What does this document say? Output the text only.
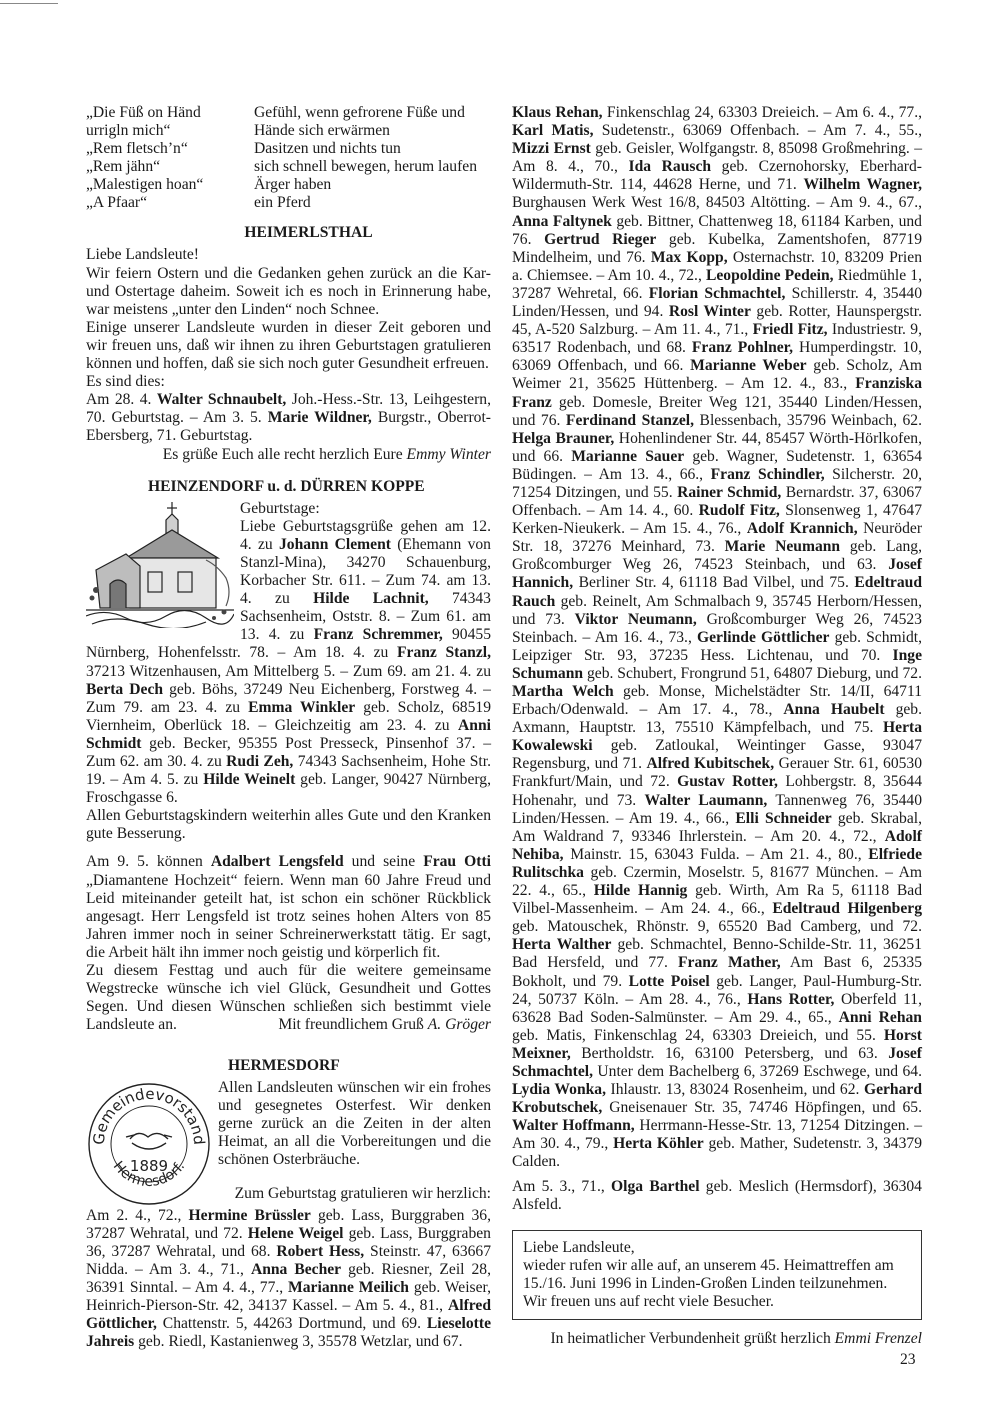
„Die Füß on Händ urrigln mich“
„Rem fletsch’n“
„Rem jähn“
„Malestigen hoan“
„A Pfaar“
Gefühl, wenn gefrorene Füße und Hände sich erwärmen
Dasitzen und nichts tun
sich schnell bewegen, herum laufen
Ärger haben
ein Pferd
HEIMERLSTHAL

Liebe Landsleute!

Wir feiern Ostern und die Gedanken gehen zurück an die Kar- und Ostertage daheim. Soweit ich es noch in Erinnerung habe, war meistens „unter den Linden“ noch Schnee.

Einige unserer Landsleute wurden in dieser Zeit geboren und wir freuen uns, daß wir ihnen zu ihren Geburtstagen gratulieren können und hoffen, daß sie sich noch guter Gesundheit erfreuen.

Es sind dies:

Am 28. 4. Walter Schnaubelt, Joh.-Hess.-Str. 13, Leihgestern, 70. Geburtstag. – Am 3. 5. Marie Wildner, Burgstr., Oberrot-Ebersberg, 71. Geburtstag.

Es grüße Euch alle recht herzlich Eure Emmy Winter

HEINZENDORF u. d. DÜRREN KOPPE

Geburtstage:

Liebe Geburtstagsgrüße gehen am 12. 4. zu Johann Clement (Ehemann von Stanzl-Mina), 34270 Schauenburg, Korbacher Str. 611. – Zum 74. am 13. 4. zu Hilde Lachnit, 74343 Sachsenheim, Oststr. 8. – Zum 61. am 13. 4. zu Franz Schremmer, 90455 Nürnberg, Hohenfelsstr. 78. – Am 18. 4. zu Franz Stanzl, 37213 Witzenhausen, Am Mittelberg 5. – Zum 69. am 21. 4. zu Berta Dech geb. Böhs, 37249 Neu Eichenberg, Forstweg 4. – Zum 79. am 23. 4. zu Emma Winkler geb. Scholz, 68519 Viernheim, Oberlück 18. – Gleichzeitig am 23. 4. zu Anni Schmidt geb. Becker, 95355 Post Presseck, Pinsenhof 37. – Zum 62. am 30. 4. zu Rudi Zeh, 74343 Sachsenheim, Hohe Str. 19. – Am 4. 5. zu Hilde Weinelt geb. Langer, 90427 Nürnberg, Froschgasse 6.

Allen Geburtstagskindern weiterhin alles Gute und den Kranken gute Besserung.

Am 9. 5. können Adalbert Lengsfeld und seine Frau Otti „Diamantene Hochzeit“ feiern. Wenn man 60 Jahre Freud und Leid miteinander geteilt hat, ist schon ein schöner Rückblick angesagt. Herr Lengsfeld ist trotz seines hohen Alters von 85 Jahren immer noch in seiner Schreinerwerkstatt tätig. Er sagt, die Arbeit hält ihn immer noch geistig und körperlich fit.

Zu diesem Festtag und auch für die weitere gemeinsame Wegstrecke wünsche ich viel Glück, Gesundheit und Gottes Segen. Und diesen Wünschen schließen sich bestimmt viele Landsleute an.	Mit freundlichem Gruß A. Gröger

HERMESDORF
Gemeindevorstand
Hermesdorf.
1889

Allen Landsleuten wünschen wir ein frohes und gesegnetes Osterfest. Wir denken gerne zurück an die Zeiten in der alten Heimat, an all die Vorbereitungen und die schönen Osterbräuche.

Zum Geburtstag gratulieren wir herzlich:

Am 2. 4., 72., Hermine Brüssler geb. Lass, Burggraben 36, 37287 Wehratal, und 72. Helene Weigel geb. Lass, Burggraben 36, 37287 Wehratal, und 68. Robert Hess, Steinstr. 47, 63667 Nidda. – Am 3. 4., 71., Anna Becher geb. Riesner, Zeil 28, 36391 Sinntal. – Am 4. 4., 77., Marianne Meilich geb. Weiser, Heinrich-Pierson-Str. 42, 34137 Kassel. – Am 5. 4., 81., Alfred Göttlicher, Chattenstr. 5, 44263 Dortmund, und 69. Lieselotte Jahreis geb. Riedl, Kastanienweg 3, 35578 Wetzlar, und 67.

Klaus Rehan, Finkenschlag 24, 63303 Dreieich. – Am 6. 4., 77., Karl Matis, Sudetenstr., 63069 Offenbach. – Am 7. 4., 55., Mizzi Ernst geb. Geisler, Wolfgangstr. 8, 85098 Großmehring. – Am 8. 4., 70., Ida Rausch geb. Czernohorsky, Eberhard-Wildermuth-Str. 114, 44628 Herne, und 71. Wilhelm Wagner, Burghausen Werk West 16/8, 84503 Altötting. – Am 9. 4., 67., Anna Faltynek geb. Bittner, Chattenweg 18, 61184 Karben, und 76. Gertrud Rieger geb. Kubelka, Zamentshofen, 87719 Mindelheim, und 76. Max Kopp, Osternachstr. 10, 83209 Prien a. Chiemsee. – Am 10. 4., 72., Leopoldine Pedein, Riedmühle 1, 37287 Wehretal, 66. Florian Schmachtel, Schillerstr. 4, 35440 Linden/Hessen, und 94. Rosl Winter geb. Rotter, Haunspergstr. 45, A-520 Salzburg. – Am 11. 4., 71., Friedl Fitz, Industriestr. 9, 63517 Rodenbach, und 68. Franz Pohlner, Humperdingstr. 10, 63069 Offenbach, und 66. Marianne Weber geb. Scholz, Am Weimer 21, 35625 Hüttenberg. – Am 12. 4., 83., Franziska Franz geb. Domesle, Breiter Weg 121, 35440 Linden/Hessen, und 76. Ferdinand Stanzel, Blessenbach, 35796 Weinbach, 62. Helga Brauner, Hohenlindener Str. 44, 85457 Wörth-Hörlkofen, und 66. Marianne Sauer geb. Wagner, Sudetenstr. 1, 63654 Büdingen. – Am 13. 4., 66., Franz Schindler, Silcherstr. 20, 71254 Ditzingen, und 55. Rainer Schmid, Bernardstr. 37, 63067 Offenbach. – Am 14. 4., 60. Rudolf Fitz, Slonsenweg 1, 47647 Kerken-Nieukerk. – Am 15. 4., 76., Adolf Krannich, Neuröder Str. 18, 37276 Meinhard, 73. Marie Neumann geb. Lang, Großcomburger Weg 26, 74523 Steinbach, und 63. Josef Hannich, Berliner Str. 4, 61118 Bad Vilbel, und 75. Edeltraud Rauch geb. Reinelt, Am Schmalbach 9, 35745 Herborn/Hessen, und 73. Viktor Neumann, Großcomburger Weg 26, 74523 Steinbach. – Am 16. 4., 73., Gerlinde Göttlicher geb. Schmidt, Leipziger Str. 93, 37235 Hess. Lichtenau, und 70. Inge Schumann geb. Schubert, Frongrund 51, 64807 Dieburg, und 72. Martha Welch geb. Monse, Michelstädter Str. 14/II, 64711 Erbach/Odenwald. – Am 17. 4., 78., Anna Haubelt geb. Axmann, Hauptstr. 13, 75510 Kämpfelbach, und 75. Herta Kowalewski geb. Zatloukal, Weintinger Gasse, 93047 Regensburg, und 71. Alfred Kubitschek, Gerauer Str. 61, 60530 Frankfurt/Main, und 72. Gustav Rotter, Lohbergstr. 8, 35644 Hohenahr, und 73. Walter Laumann, Tannenweg 76, 35440 Linden/Hessen. – Am 19. 4., 66., Elli Schneider geb. Skrabal, Am Waldrand 7, 93346 Ihrlerstein. – Am 20. 4., 72., Adolf Nehiba, Mainstr. 15, 63043 Fulda. – Am 21. 4., 80., Elfriede Rulitschka geb. Czermin, Moselstr. 5, 81677 München. – Am 22. 4., 65., Hilde Hannig geb. Wirth, Am Ra 5, 61118 Bad Vilbel-Massenheim. – Am 24. 4., 66., Edeltraud Hilgenberg geb. Matouschek, Rhönstr. 9, 65520 Bad Camberg, und 72. Herta Walther geb. Schmachtel, Benno-Schilde-Str. 11, 36251 Bad Hersfeld, und 77. Franz Mather, Am Bast 6, 25335 Bokholt, und 79. Lotte Poisel geb. Langer, Paul-Humburg-Str. 24, 50737 Köln. – Am 28. 4., 76., Hans Rotter, Oberfeld 11, 63628 Bad Soden-Salmünster. – Am 29. 4., 65., Anni Rehan geb. Matis, Finkenschlag 24, 63303 Dreieich, und 55. Horst Meixner, Bertholdstr. 16, 63100 Petersberg, und 63. Josef Schmachtel, Unter dem Bachelberg 6, 37269 Eschwege, und 64. Lydia Wonka, Ihlaustr. 13, 83024 Rosenheim, und 62. Gerhard Krobutschek, Gneisenauer Str. 35, 74746 Höpfingen, und 65. Walter Hoffmann, Herrmann-Hesse-Str. 13, 71254 Ditzingen. – Am 30. 4., 79., Herta Köhler geb. Mather, Sudetenstr. 3, 34379 Calden.

Am 5. 3., 71., Olga Barthel geb. Meslich (Hermsdorf), 36304 Alsfeld.

Liebe Landsleute,

wieder rufen wir alle auf, an unserem 45. Heimattreffen am 15./16. Juni 1996 in Linden-Großen Linden teilzunehmen.

Wir freuen uns auf recht viele Besucher.

In heimatlicher Verbundenheit grüßt herzlich Emmi Frenzel

23
